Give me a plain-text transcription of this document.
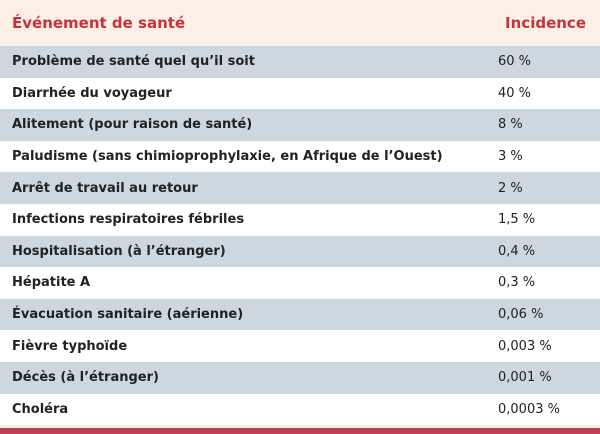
Événement de santé	Incidence
Problème de santé quel qu’il soit	60 %
Diarrhée du voyageur	40 %
Alitement (pour raison de santé)	8 %
Paludisme (sans chimioprophylaxie, en Afrique de l’Ouest)	3 %
Arrêt de travail au retour	2 %
Infections respiratoires fébriles	1,5 %
Hospitalisation (à l’étranger)	0,4 %
Hépatite A	0,3 %
Évacuation sanitaire (aérienne)	0,06 %
Fièvre typhoïde	0,003 %
Décès (à l’étranger)	0,001 %
Choléra	0,0003 %
